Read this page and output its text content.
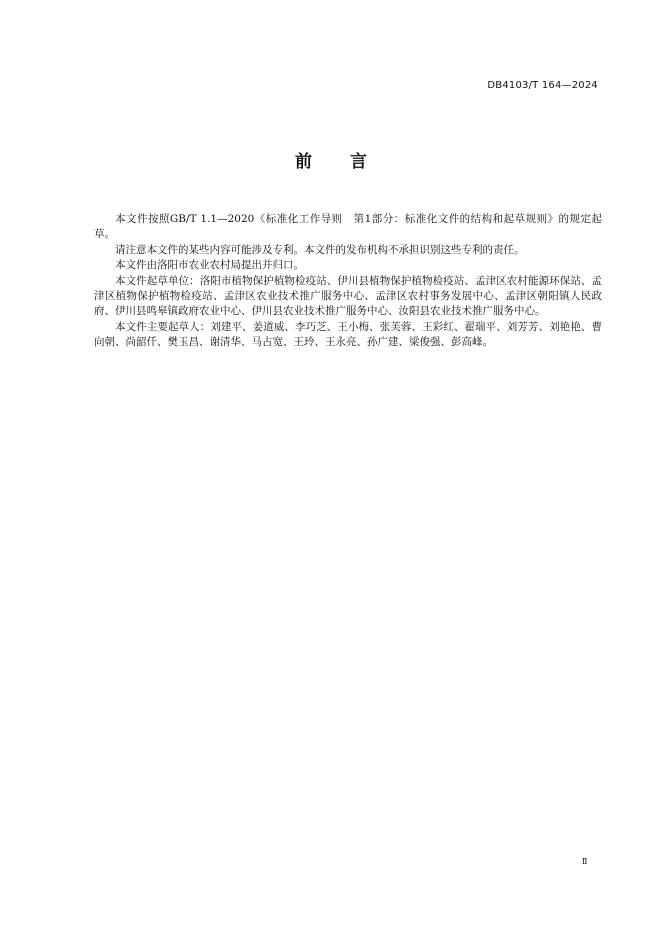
DB4103/T 164—2024
前 言

本文件按照GB/T 1.1—2020《标准化工作导则　第1部分：标准化文件的结构和起草规则》的规定起草。

请注意本文件的某些内容可能涉及专利。本文件的发布机构不承担识别这些专利的责任。

本文件由洛阳市农业农村局提出并归口。

本文件起草单位：洛阳市植物保护植物检疫站、伊川县植物保护植物检疫站、孟津区农村能源环保站、孟津区植物保护植物检疫站、孟津区农业技术推广服务中心、孟津区农村事务发展中心、孟津区朝阳镇人民政府、伊川县鸣皋镇政府农业中心、伊川县农业技术推广服务中心、汝阳县农业技术推广服务中心。

本文件主要起草人：刘建平、姜道威、李巧芝、王小梅、张芙蓉、王彩红、翟瑞平、刘芳芳、刘艳艳、曹向朝、尚韶仟、樊玉昌、谢清华、马占宽、王玲、王永亮、孙广建、梁俊强、彭高峰。

Ⅱ
